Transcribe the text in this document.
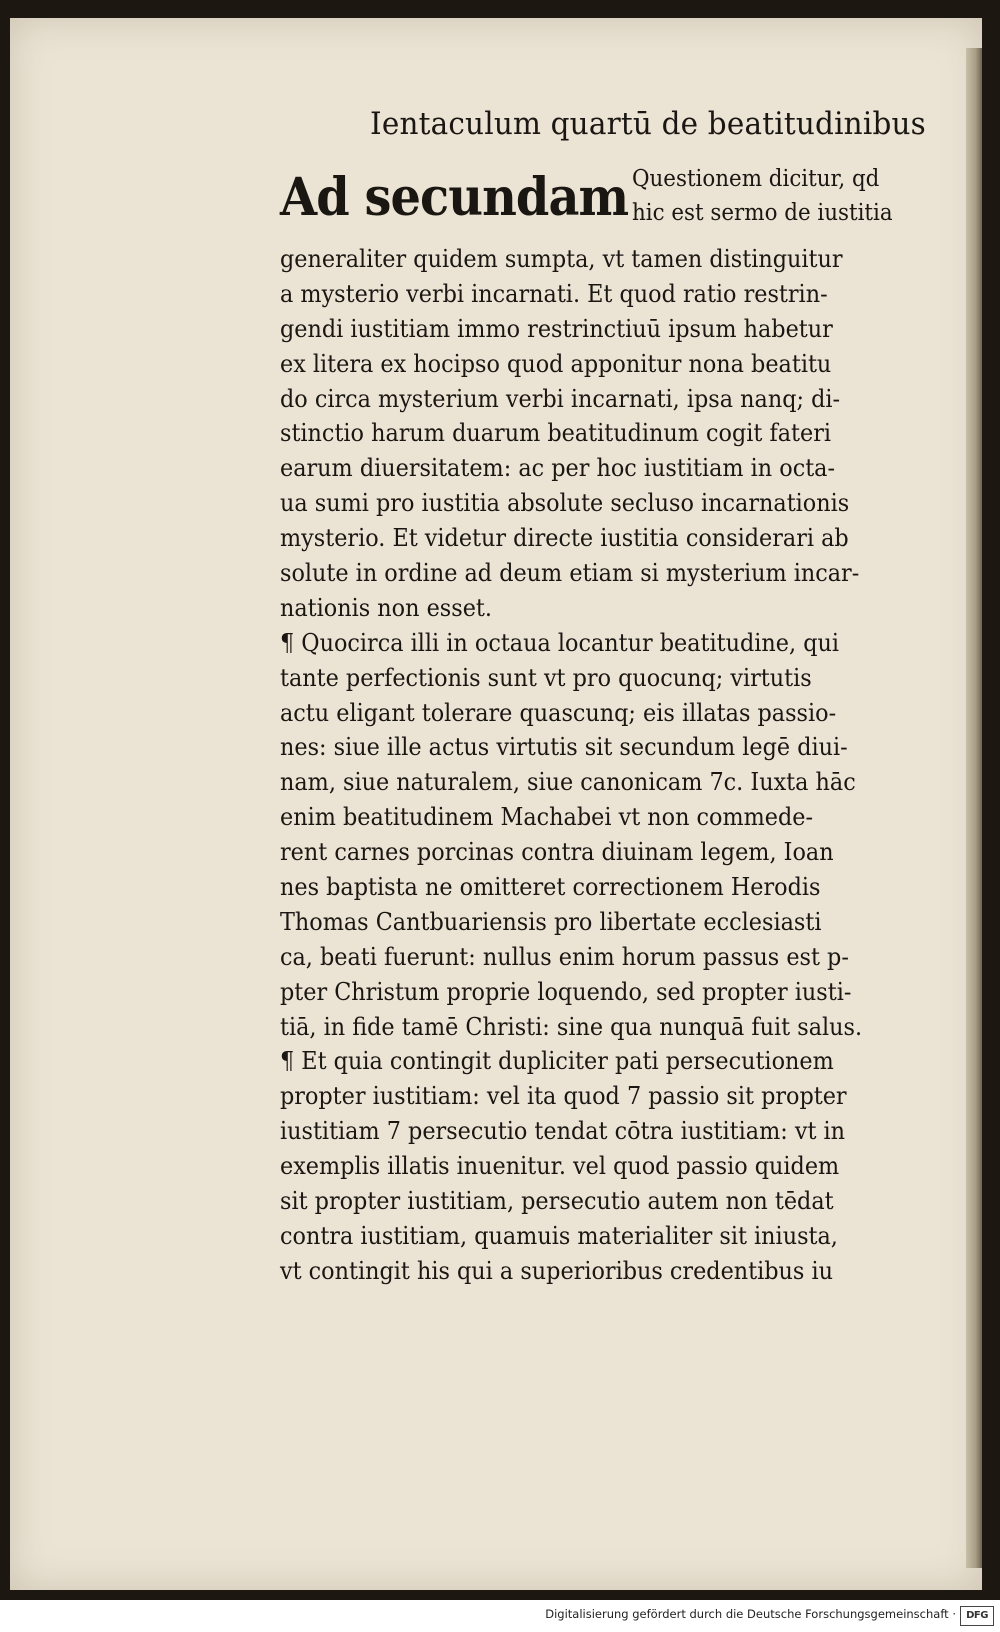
Ientaculum quartū de beatitudinibus
Ad secundam Questionem dicitur, qd
hic est sermo de iustitia
generaliter quidem sumpta, vt tamen distinguitur
a mysterio verbi incarnati. Et quod ratio restrin-
gendi iustitiam immo restrinctiuū ipsum habetur
ex litera ex hocipso quod apponitur nona beatitu
do circa mysterium verbi incarnati, ipsa nanq; di-
stinctio harum duarum beatitudinum cogit fateri
earum diuersitatem: ac per hoc iustitiam in octa-
ua sumi pro iustitia absolute secluso incarnationis
mysterio. Et videtur directe iustitia considerari ab
solute in ordine ad deum etiam si mysterium incar-
nationis non esset.
¶ Quocirca illi in octaua locantur beatitudine, qui
tante perfectionis sunt vt pro quocunq; virtutis
actu eligant tolerare quascunq; eis illatas passio-
nes: siue ille actus virtutis sit secundum legē diui-
nam, siue naturalem, siue canonicam 7c. Iuxta hāc
enim beatitudinem Machabei vt non commede-
rent carnes porcinas contra diuinam legem, Ioan
nes baptista ne omitteret correctionem Herodis
Thomas Cantbuariensis pro libertate ecclesiasti
ca, beati fuerunt: nullus enim horum passus est p-
pter Christum proprie loquendo, sed propter iusti-
tiā, in fide tamē Christi: sine qua nunquā fuit salus.
¶ Et quia contingit dupliciter pati persecutionem
propter iustitiam: vel ita quod 7 passio sit propter
iustitiam 7 persecutio tendat cōtra iustitiam: vt in
exemplis illatis inuenitur. vel quod passio quidem
sit propter iustitiam, persecutio autem non tēdat
contra iustitiam, quamuis materialiter sit iniusta,
vt contingit his qui a superioribus credentibus iu
Digitalisierung gefördert durch die Deutsche Forschungsgemeinschaft ·	DFG
